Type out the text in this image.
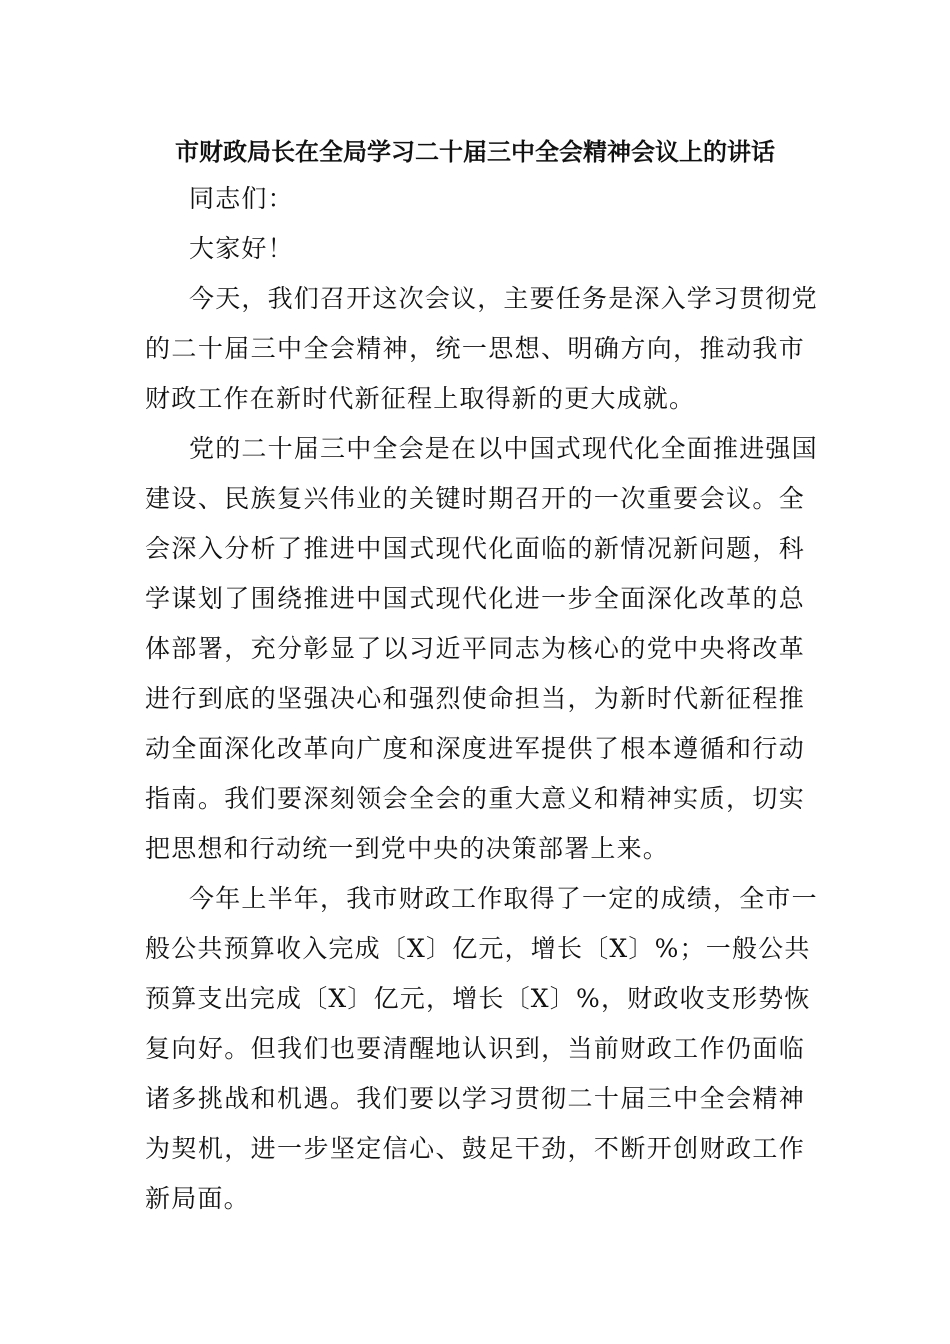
市财政局长在全局学习二十届三中全会精神会议上的讲话

同志们：

大家好！

今天，我们召开这次会议，主要任务是深入学习贯彻党
的二十届三中全会精神，统一思想、明确方向，推动我市
财政工作在新时代新征程上取得新的更大成就。
党的二十届三中全会是在以中国式现代化全面推进强国
建设、民族复兴伟业的关键时期召开的一次重要会议。全
会深入分析了推进中国式现代化面临的新情况新问题，科
学谋划了围绕推进中国式现代化进一步全面深化改革的总
体部署，充分彰显了以习近平同志为核心的党中央将改革
进行到底的坚强决心和强烈使命担当，为新时代新征程推
动全面深化改革向广度和深度进军提供了根本遵循和行动
指南。我们要深刻领会全会的重大意义和精神实质，切实
把思想和行动统一到党中央的决策部署上来。
今年上半年，我市财政工作取得了一定的成绩，全市一
般公共预算收入完成〔X〕亿元，增长〔X〕%；一般公共
预算支出完成〔X〕亿元，增长〔X〕%，财政收支形势恢
复向好。但我们也要清醒地认识到，当前财政工作仍面临
诸多挑战和机遇。我们要以学习贯彻二十届三中全会精神
为契机，进一步坚定信心、鼓足干劲，不断开创财政工作
新局面。
